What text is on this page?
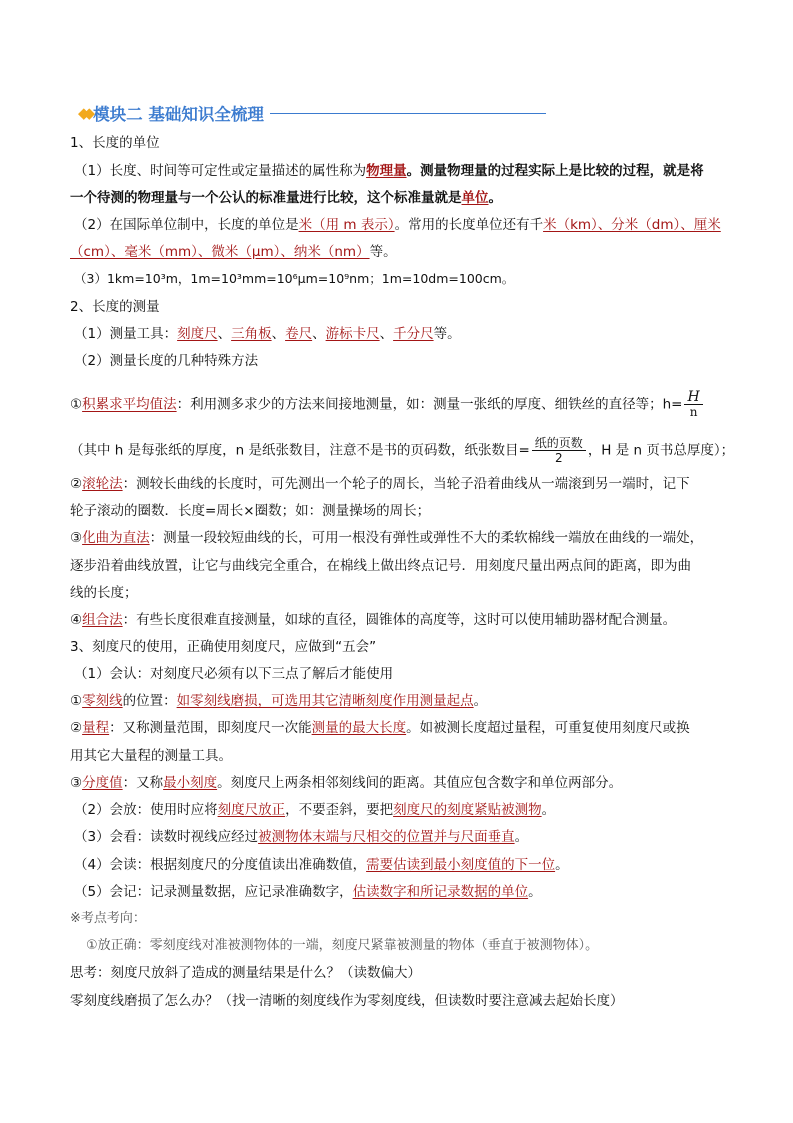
◆◆ 模块二 基础知识全梳理
1、长度的单位
（1）长度、时间等可定性或定量描述的属性称为物理量。测量物理量的过程实际上是比较的过程，就是将
一个待测的物理量与一个公认的标准量进行比较，这个标准量就是单位。
（2）在国际单位制中，长度的单位是米（用 m 表示）。常用的长度单位还有千米（km）、分米（dm）、厘米
（cm）、毫米（mm）、微米（μm）、纳米（nm）等。
（3）1km=10³m，1m=10³mm=10⁶μm=10⁹nm；1m=10dm=100cm。
2、长度的测量
（1）测量工具：刻度尺、三角板、卷尺、游标卡尺、千分尺等。
（2）测量长度的几种特殊方法
①积累求平均值法：利用测多求少的方法来间接地测量，如：测量一张纸的厚度、细铁丝的直径等；$h= \frac{H}{n}$
（其中 h 是每张纸的厚度，n 是纸张数目，注意不是书的页码数，纸张数目= $\frac{\text{纸的页数}}{2}$ ，H 是 n 页书总厚度）；
②滚轮法：测较长曲线的长度时，可先测出一个轮子的周长，当轮子沿着曲线从一端滚到另一端时，记下
轮子滚动的圈数．长度=周长×圈数；如：测量操场的周长；
③化曲为直法：测量一段较短曲线的长，可用一根没有弹性或弹性不大的柔软棉线一端放在曲线的一端处，
逐步沿着曲线放置，让它与曲线完全重合，在棉线上做出终点记号．用刻度尺量出两点间的距离，即为曲
线的长度；
④组合法：有些长度很难直接测量，如球的直径，圆锥体的高度等，这时可以使用辅助器材配合测量。
3、刻度尺的使用，正确使用刻度尺，应做到“五会”
（1）会认：对刻度尺必须有以下三点了解后才能使用
①零刻线的位置：如零刻线磨损，可选用其它清晰刻度作用测量起点。
②量程：又称测量范围，即刻度尺一次能测量的最大长度。如被测长度超过量程，可重复使用刻度尺或换
用其它大量程的测量工具。
③分度值：又称最小刻度。刻度尺上两条相邻刻线间的距离。其值应包含数字和单位两部分。
（2）会放：使用时应将刻度尺放正，不要歪斜，要把刻度尺的刻度紧贴被测物。
（3）会看：读数时视线应经过被测物体末端与尺相交的位置并与尺面垂直。
（4）会读：根据刻度尺的分度值读出准确数值，需要估读到最小刻度值的下一位。
（5）会记：记录测量数据，应记录准确数字，估读数字和所记录数据的单位。
※考点考向：
①放正确：零刻度线对准被测物体的一端，刻度尺紧靠被测量的物体（垂直于被测物体）。
思考：刻度尺放斜了造成的测量结果是什么？（读数偏大）
零刻度线磨损了怎么办？（找一清晰的刻度线作为零刻度线，但读数时要注意减去起始长度）
